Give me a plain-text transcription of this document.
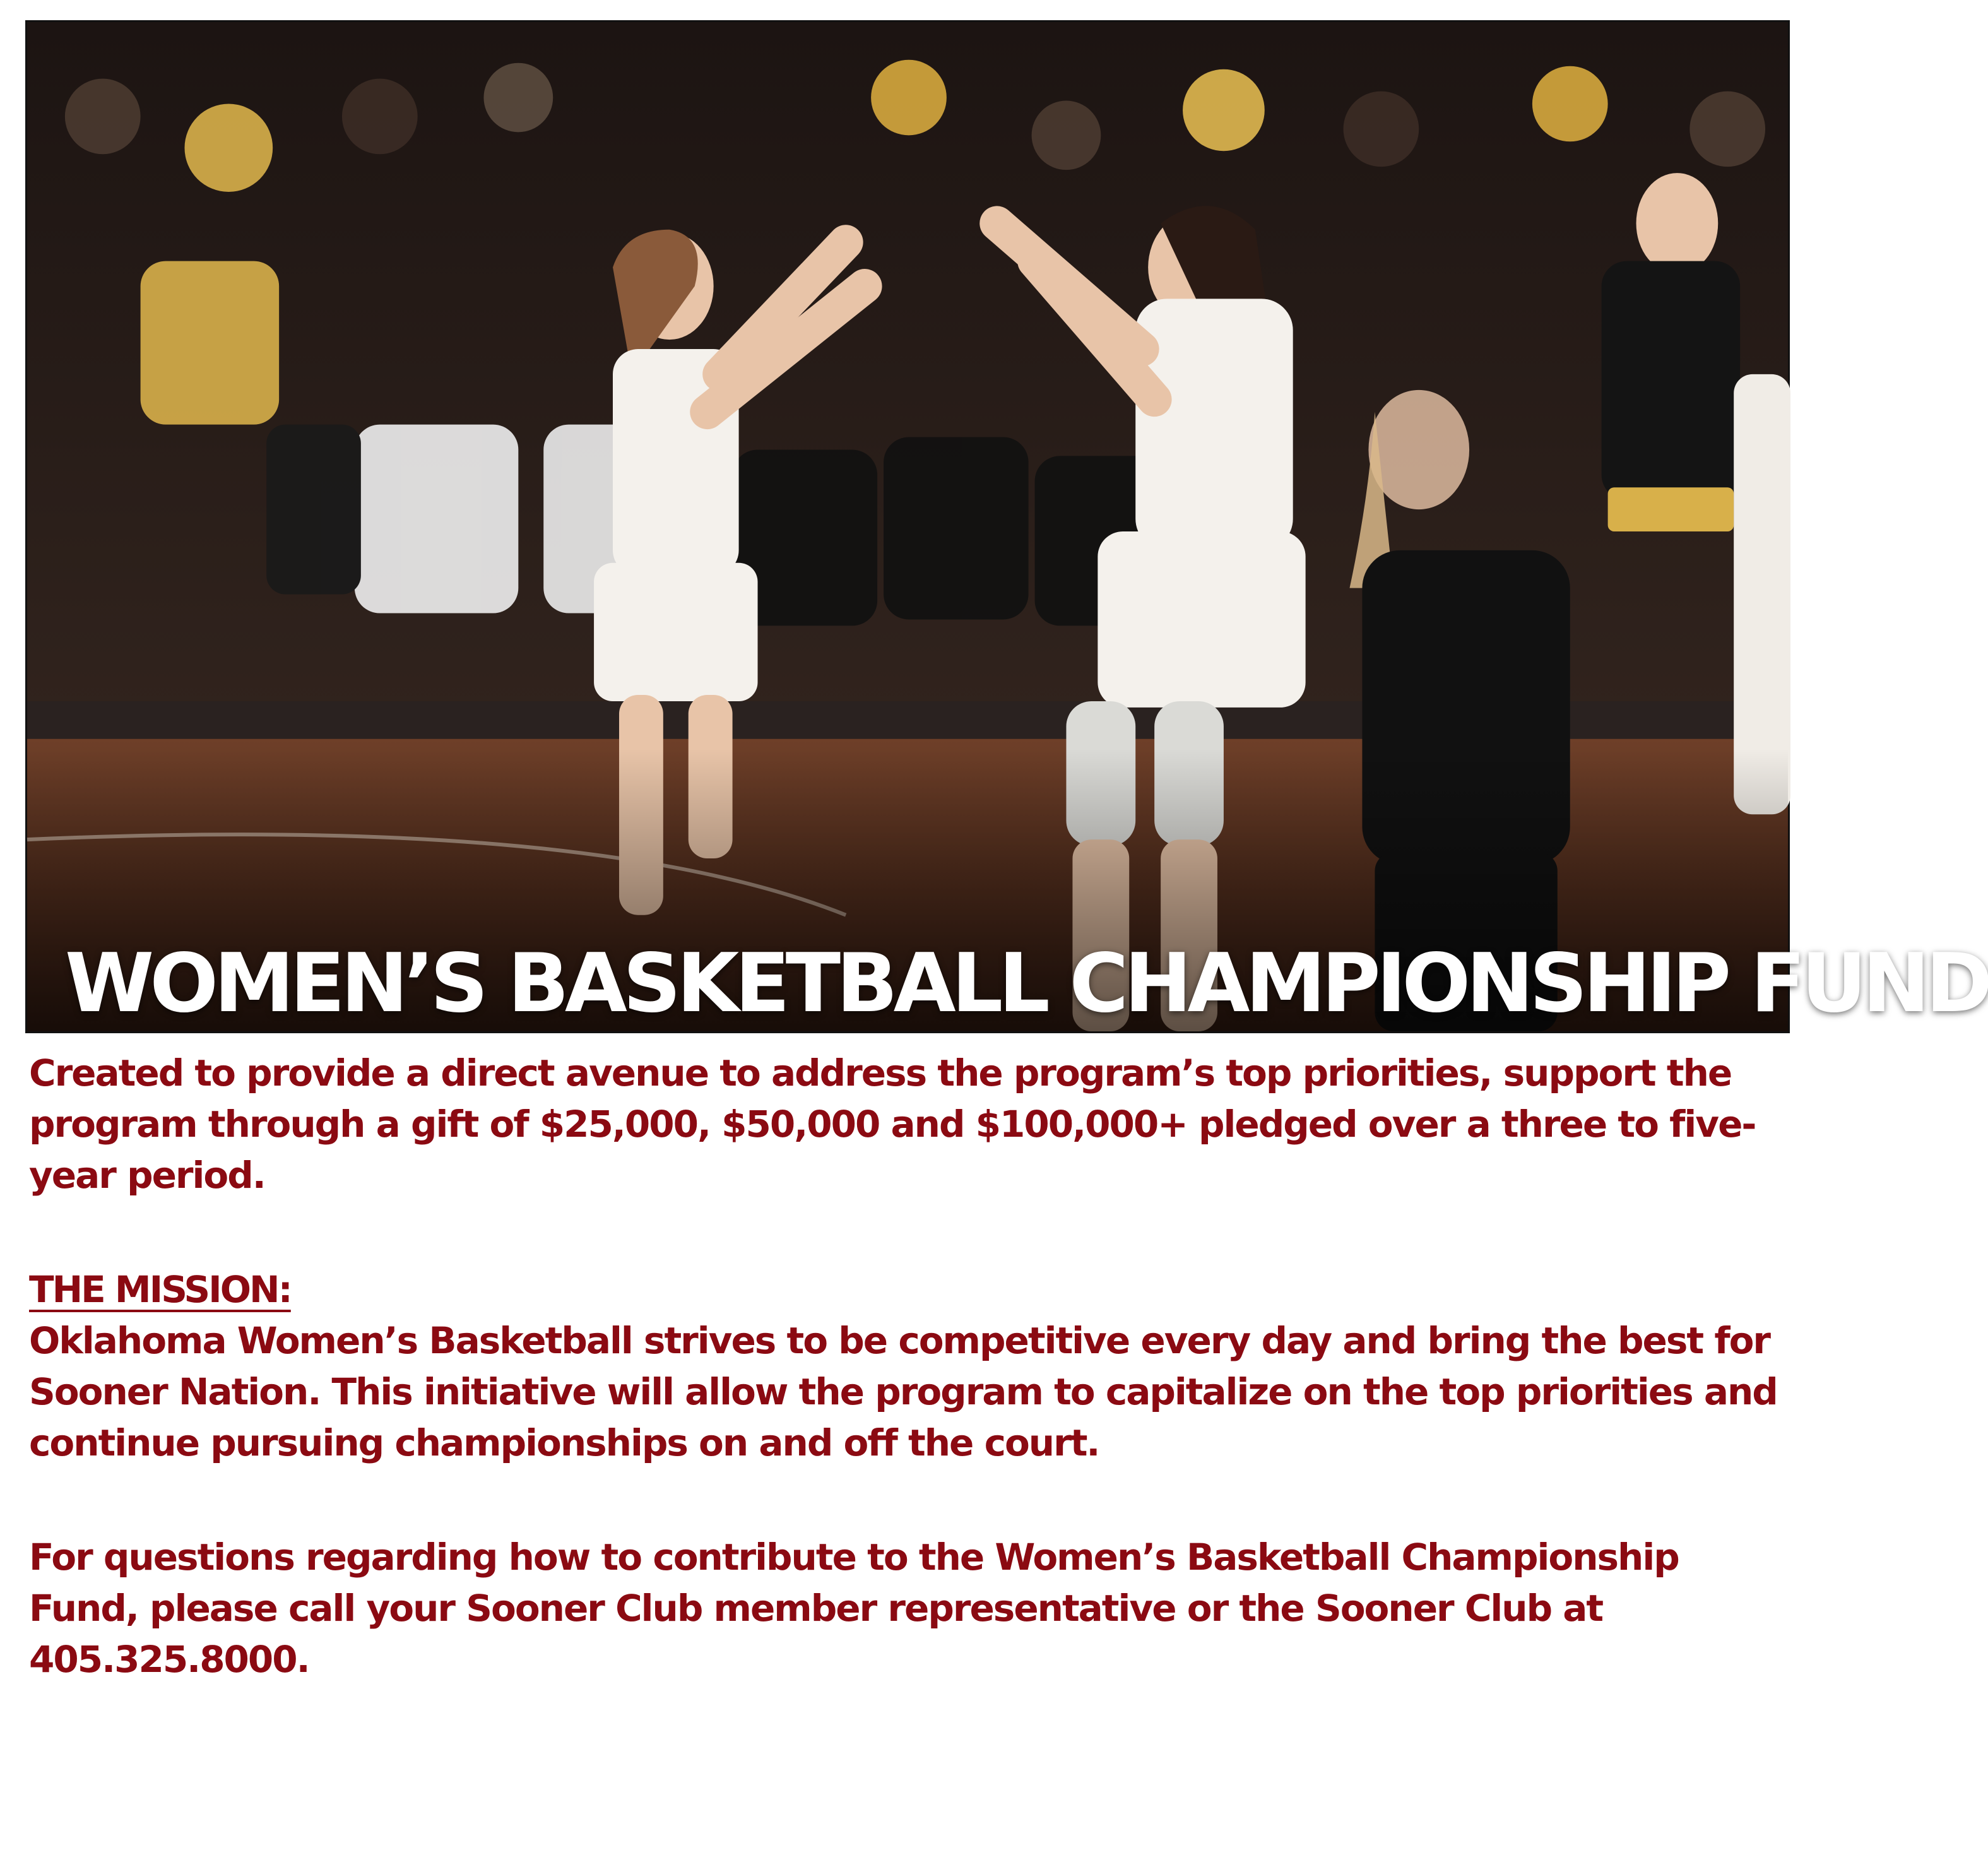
WOMEN’S BASKETBALL CHAMPIONSHIP FUND

Created to provide a direct avenue to address the program’s top priorities, support the program through a gift of $25,000, $50,000 and $100,000+ pledged over a three to five-year period.

THE MISSION:

Oklahoma Women’s Basketball strives to be competitive every day and bring the best for Sooner Nation. This initiative will allow the program to capitalize on the top priorities and continue pursuing championships on and off the court.

For questions regarding how to contribute to the Women’s Basketball Championship Fund, please call your Sooner Club member representative or the Sooner Club at 405.325.8000.
